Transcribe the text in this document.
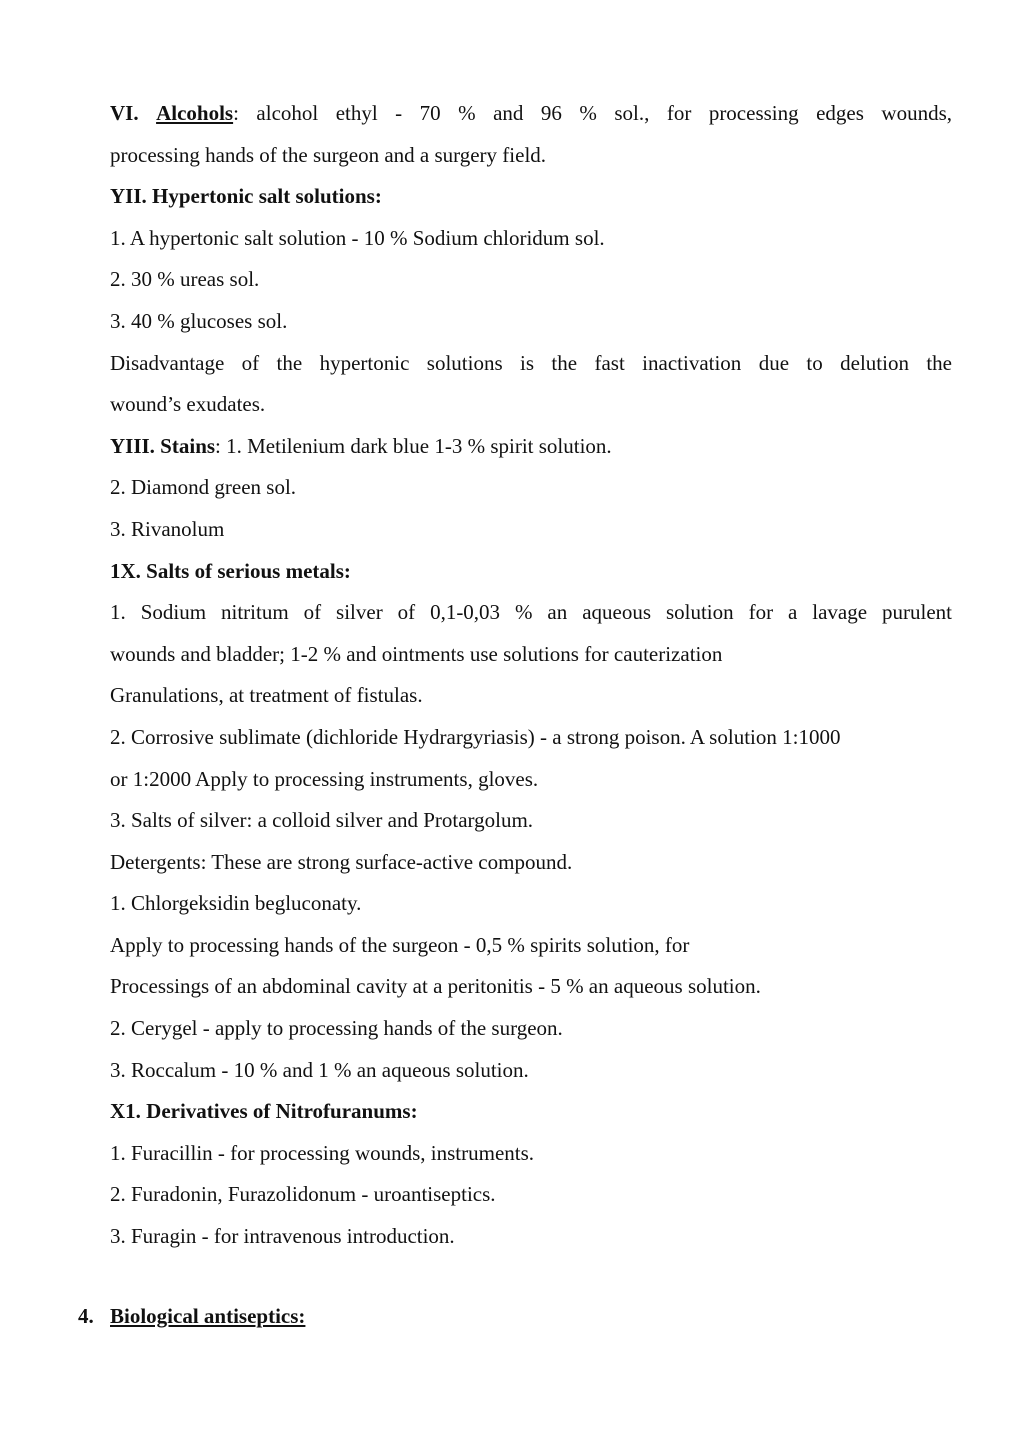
VI. Alcohols: alcohol ethyl - 70 % and 96 % sol., for processing edges wounds,
processing hands of the surgeon and a surgery field.
YII. Hypertonic salt solutions:
1. A hypertonic salt solution - 10 % Sodium chloridum sol.
2. 30 % ureas sol.
3. 40 % glucoses sol.
Disadvantage of the hypertonic solutions is the fast inactivation due to delution the
wound’s exudates.
YIII. Stains: 1. Metilenium dark blue 1-3 % spirit solution.
2. Diamond green sol.
3. Rivanolum
1X. Salts of serious metals:
1. Sodium nitritum of silver of 0,1-0,03 % an aqueous solution for a lavage purulent
wounds and bladder; 1-2 % and ointments use solutions for cauterization
Granulations, at treatment of fistulas.
2. Corrosive sublimate (dichloride Hydrargyriasis) - a strong poison. A solution 1:1000
or 1:2000 Apply to processing instruments, gloves.
3. Salts of silver: a colloid silver and Protargolum.
Detergents: These are strong surface-active compound.
1. Chlorgeksidin begluconaty.
Apply to processing hands of the surgeon - 0,5 % spirits solution, for
Processings of an abdominal cavity at a peritonitis - 5 % an aqueous solution.
2. Cerygel - apply to processing hands of the surgeon.
3. Roccalum - 10 % and 1 % an aqueous solution.
X1. Derivatives of Nitrofuranums:
1. Furacillin - for processing wounds, instruments.
2. Furadonin, Furazolidonum - uroantiseptics.
3. Furagin - for intravenous introduction.
4. Biological antiseptics:
